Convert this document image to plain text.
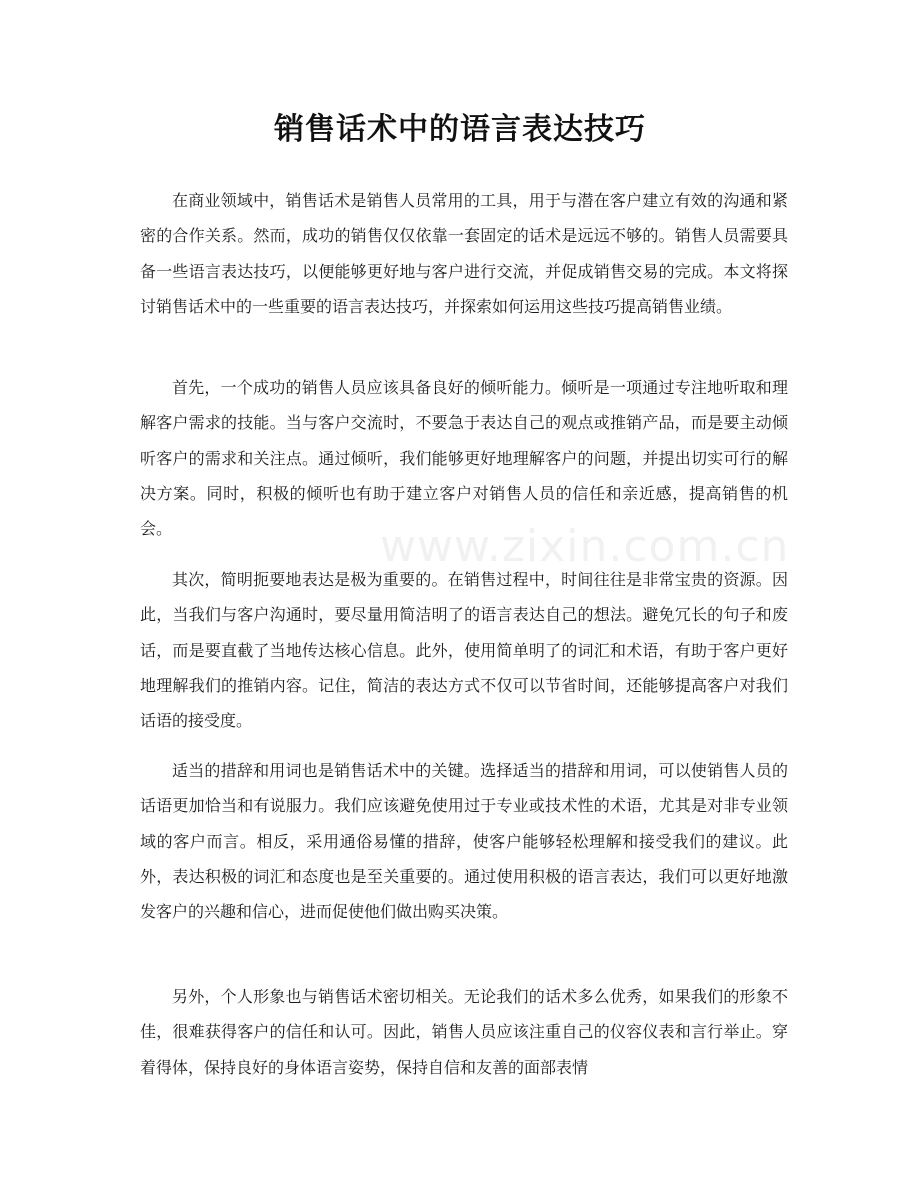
销售话术中的语言表达技巧

在商业领域中，销售话术是销售人员常用的工具，用于与潜在客户建立有效的沟通和紧密的合作关系。然而，成功的销售仅仅依靠一套固定的话术是远远不够的。销售人员需要具备一些语言表达技巧，以便能够更好地与客户进行交流，并促成销售交易的完成。本文将探讨销售话术中的一些重要的语言表达技巧，并探索如何运用这些技巧提高销售业绩。

首先，一个成功的销售人员应该具备良好的倾听能力。倾听是一项通过专注地听取和理解客户需求的技能。当与客户交流时，不要急于表达自己的观点或推销产品，而是要主动倾听客户的需求和关注点。通过倾听，我们能够更好地理解客户的问题，并提出切实可行的解决方案。同时，积极的倾听也有助于建立客户对销售人员的信任和亲近感，提高销售的机会。

其次，简明扼要地表达是极为重要的。在销售过程中，时间往往是非常宝贵的资源。因此，当我们与客户沟通时，要尽量用简洁明了的语言表达自己的想法。避免冗长的句子和废话，而是要直截了当地传达核心信息。此外，使用简单明了的词汇和术语，有助于客户更好地理解我们的推销内容。记住，简洁的表达方式不仅可以节省时间，还能够提高客户对我们话语的接受度。

适当的措辞和用词也是销售话术中的关键。选择适当的措辞和用词，可以使销售人员的话语更加恰当和有说服力。我们应该避免使用过于专业或技术性的术语，尤其是对非专业领域的客户而言。相反，采用通俗易懂的措辞，使客户能够轻松理解和接受我们的建议。此外，表达积极的词汇和态度也是至关重要的。通过使用积极的语言表达，我们可以更好地激发客户的兴趣和信心，进而促使他们做出购买决策。

另外，个人形象也与销售话术密切相关。无论我们的话术多么优秀，如果我们的形象不佳，很难获得客户的信任和认可。因此，销售人员应该注重自己的仪容仪表和言行举止。穿着得体，保持良好的身体语言姿势，保持自信和友善的面部表情

www.zixin.com.cn
